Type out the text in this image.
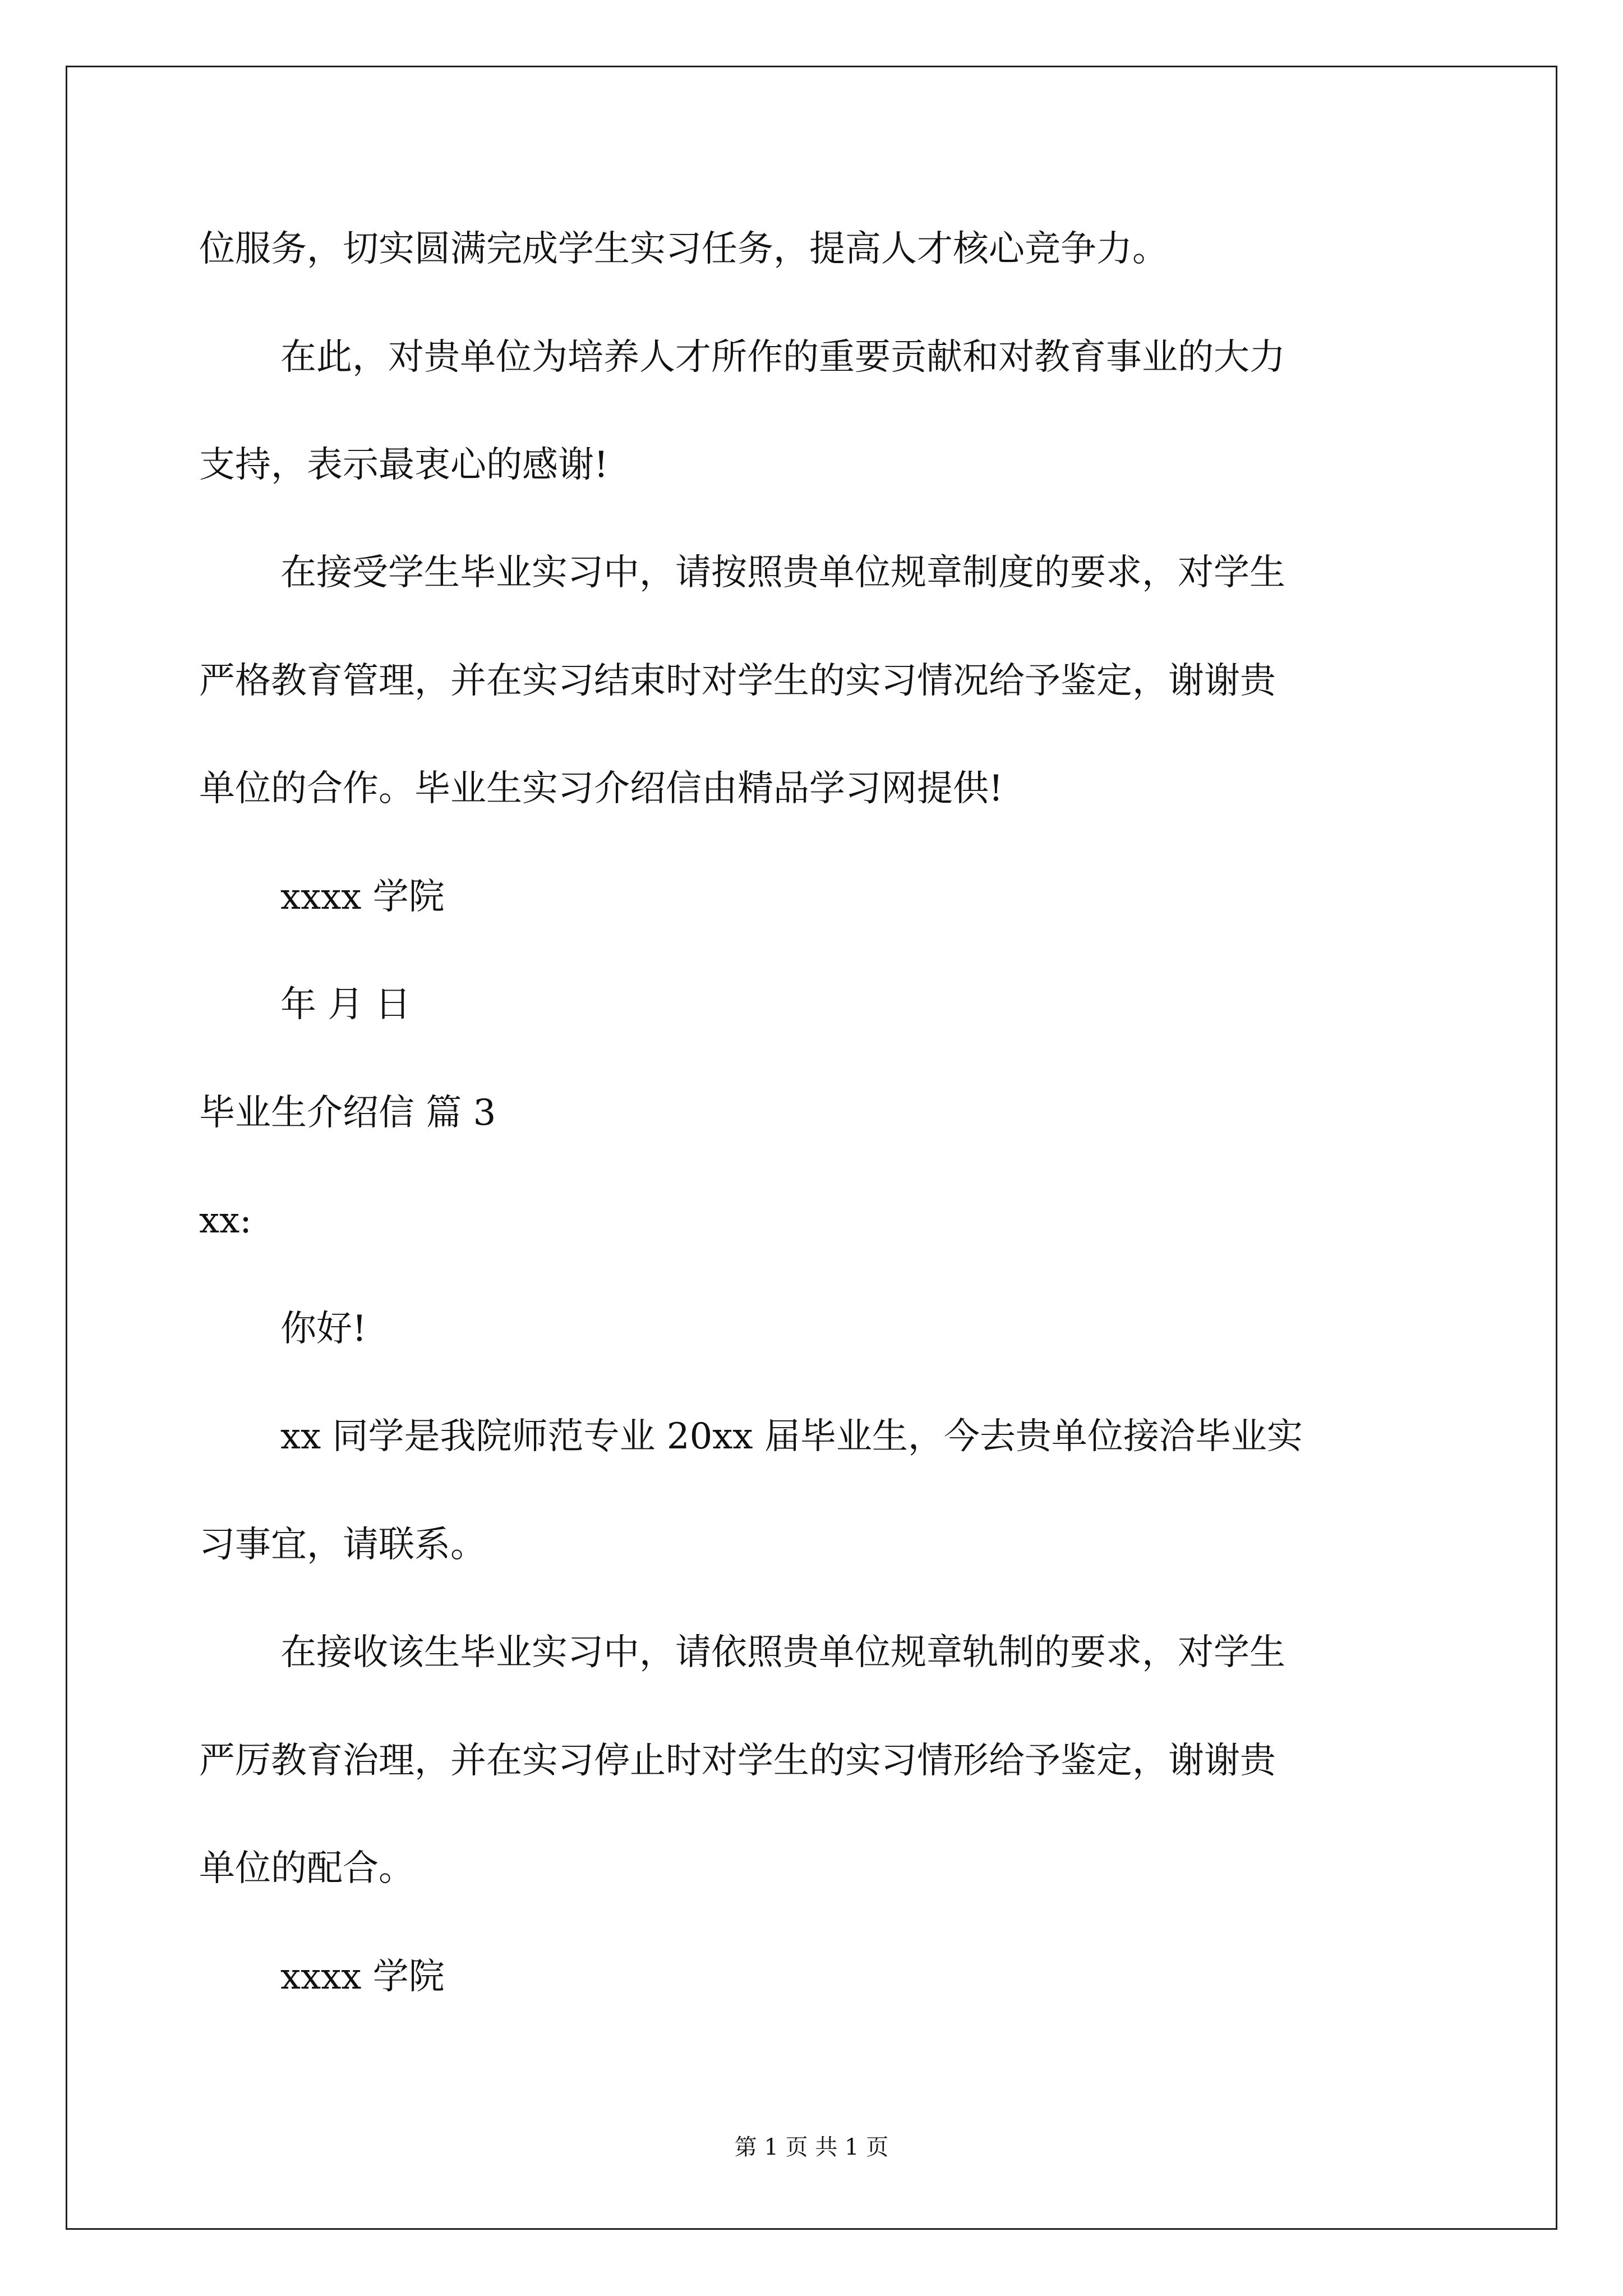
位服务，切实圆满完成学生实习任务，提高人才核心竞争力。
在此，对贵单位为培养人才所作的重要贡献和对教育事业的大力
支持，表示最衷心的感谢!
在接受学生毕业实习中，请按照贵单位规章制度的要求，对学生
严格教育管理，并在实习结束时对学生的实习情况给予鉴定，谢谢贵
单位的合作。毕业生实习介绍信由精品学习网提供!
xxxx 学院
年 月 日
毕业生介绍信 篇 3
xx:
你好!
xx 同学是我院师范专业 20xx 届毕业生，今去贵单位接洽毕业实
习事宜，请联系。
在接收该生毕业实习中，请依照贵单位规章轨制的要求，对学生
严厉教育治理，并在实习停止时对学生的实习情形给予鉴定，谢谢贵
单位的配合。
xxxx 学院
第 1 页 共 1 页
